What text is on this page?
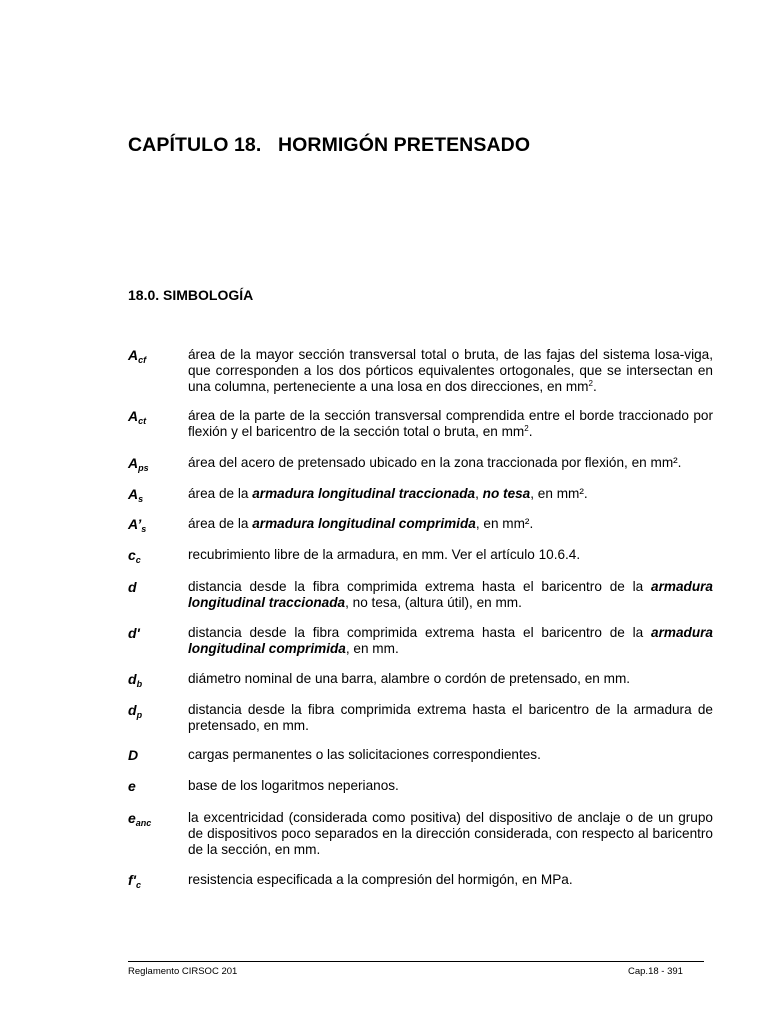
CAPÍTULO 18.   HORMIGÓN PRETENSADO
18.0. SIMBOLOGÍA
$A_{cf}$	área de la mayor sección transversal total o bruta, de las fajas del sistema losa-viga, que corresponden a los dos pórticos equivalentes ortogonales, que se intersectan en una columna, perteneciente a una losa en dos direcciones, en $mm^2$.
$A_{ct}$	área de la parte de la sección transversal comprendida entre el borde traccionado por flexión y el baricentro de la sección total o bruta, en $mm^2$.
$A_{ps}$	área del acero de pretensado ubicado en la zona traccionada por flexión, en mm².
$A_s$	área de la armadura longitudinal traccionada, no tesa, en mm².
$A’_s$	área de la armadura longitudinal comprimida, en mm².
$c_c$	recubrimiento libre de la armadura, en mm. Ver el artículo 10.6.4.
d	distancia desde la fibra comprimida extrema hasta el baricentro de la armadura longitudinal traccionada, no tesa, (altura útil), en mm.
d'	distancia desde la fibra comprimida extrema hasta el baricentro de la armadura longitudinal comprimida, en mm.
$d_b$	diámetro nominal de una barra, alambre o cordón de pretensado, en mm.
$d_p$	distancia desde la fibra comprimida extrema hasta el baricentro de la armadura de pretensado, en mm.
D	cargas permanentes o las solicitaciones correspondientes.
e	base de los logaritmos neperianos.
$e_{anc}$	la excentricidad (considerada como positiva) del dispositivo de anclaje o de un grupo de dispositivos poco separados en la dirección considerada, con respecto al baricentro de la sección, en mm.
$f'_c$	resistencia especificada a la compresión del hormigón, en MPa.
Reglamento CIRSOC 201	Cap.18 - 391
